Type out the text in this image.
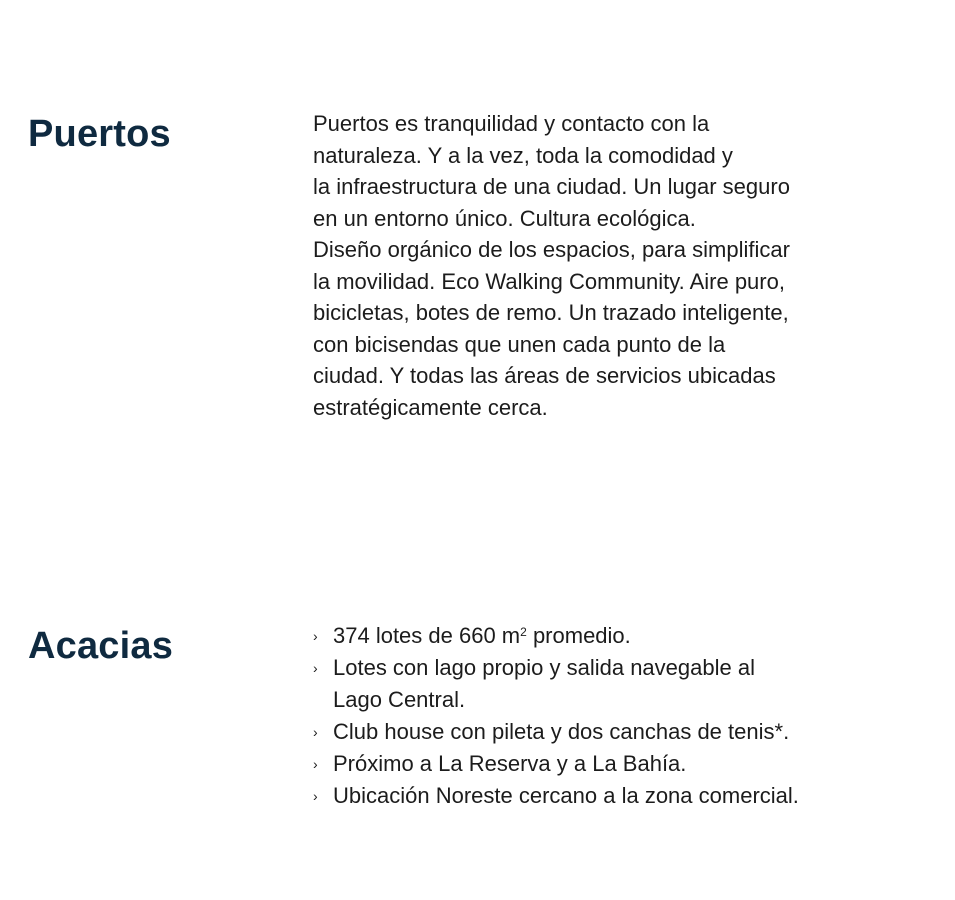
Puertos	Puertos es tranquilidad y contacto con la
naturaleza. Y a la vez, toda la comodidad y
la infraestructura de una ciudad. Un lugar seguro
en un entorno único. Cultura ecológica.
Diseño orgánico de los espacios, para simplificar
la movilidad. Eco Walking Community. Aire puro,
bicicletas, botes de remo. Un trazado inteligente,
con bicisendas que unen cada punto de la
ciudad. Y todas las áreas de servicios ubicadas
estratégicamente cerca.
Acacias	› 374 lotes de 660 $m^2$ promedio.
› Lotes con lago propio y salida navegable al
Lago Central.
› Club house con pileta y dos canchas de tenis*.
› Próximo a La Reserva y a La Bahía.
› Ubicación Noreste cercano a la zona comercial.
